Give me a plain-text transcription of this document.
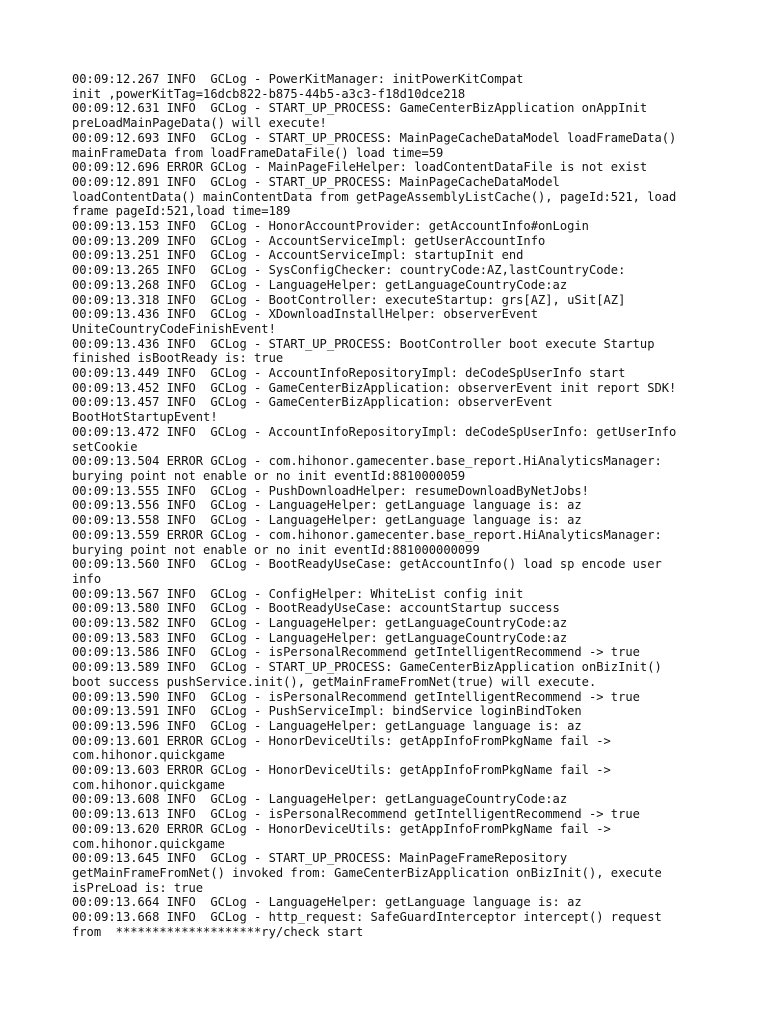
00:09:12.267 INFO  GCLog - PowerKitManager: initPowerKitCompat
init ,powerKitTag=16dcb822-b875-44b5-a3c3-f18d10dce218
00:09:12.631 INFO  GCLog - START_UP_PROCESS: GameCenterBizApplication onAppInit
preLoadMainPageData() will execute!
00:09:12.693 INFO  GCLog - START_UP_PROCESS: MainPageCacheDataModel loadFrameData()
mainFrameData from loadFrameDataFile() load time=59
00:09:12.696 ERROR GCLog - MainPageFileHelper: loadContentDataFile is not exist
00:09:12.891 INFO  GCLog - START_UP_PROCESS: MainPageCacheDataModel
loadContentData() mainContentData from getPageAssemblyListCache(), pageId:521, load
frame pageId:521,load time=189
00:09:13.153 INFO  GCLog - HonorAccountProvider: getAccountInfo#onLogin
00:09:13.209 INFO  GCLog - AccountServiceImpl: getUserAccountInfo
00:09:13.251 INFO  GCLog - AccountServiceImpl: startupInit end
00:09:13.265 INFO  GCLog - SysConfigChecker: countryCode:AZ,lastCountryCode:
00:09:13.268 INFO  GCLog - LanguageHelper: getLanguageCountryCode:az
00:09:13.318 INFO  GCLog - BootController: executeStartup: grs[AZ], uSit[AZ]
00:09:13.436 INFO  GCLog - XDownloadInstallHelper: observerEvent
UniteCountryCodeFinishEvent!
00:09:13.436 INFO  GCLog - START_UP_PROCESS: BootController boot execute Startup
finished isBootReady is: true
00:09:13.449 INFO  GCLog - AccountInfoRepositoryImpl: deCodeSpUserInfo start
00:09:13.452 INFO  GCLog - GameCenterBizApplication: observerEvent init report SDK!
00:09:13.457 INFO  GCLog - GameCenterBizApplication: observerEvent
BootHotStartupEvent!
00:09:13.472 INFO  GCLog - AccountInfoRepositoryImpl: deCodeSpUserInfo: getUserInfo
setCookie
00:09:13.504 ERROR GCLog - com.hihonor.gamecenter.base_report.HiAnalyticsManager:
burying point not enable or no init eventId:8810000059
00:09:13.555 INFO  GCLog - PushDownloadHelper: resumeDownloadByNetJobs!
00:09:13.556 INFO  GCLog - LanguageHelper: getLanguage language is: az
00:09:13.558 INFO  GCLog - LanguageHelper: getLanguage language is: az
00:09:13.559 ERROR GCLog - com.hihonor.gamecenter.base_report.HiAnalyticsManager:
burying point not enable or no init eventId:881000000099
00:09:13.560 INFO  GCLog - BootReadyUseCase: getAccountInfo() load sp encode user
info
00:09:13.567 INFO  GCLog - ConfigHelper: WhiteList config init
00:09:13.580 INFO  GCLog - BootReadyUseCase: accountStartup success
00:09:13.582 INFO  GCLog - LanguageHelper: getLanguageCountryCode:az
00:09:13.583 INFO  GCLog - LanguageHelper: getLanguageCountryCode:az
00:09:13.586 INFO  GCLog - isPersonalRecommend getIntelligentRecommend -> true
00:09:13.589 INFO  GCLog - START_UP_PROCESS: GameCenterBizApplication onBizInit()
boot success pushService.init(), getMainFrameFromNet(true) will execute.
00:09:13.590 INFO  GCLog - isPersonalRecommend getIntelligentRecommend -> true
00:09:13.591 INFO  GCLog - PushServiceImpl: bindService loginBindToken
00:09:13.596 INFO  GCLog - LanguageHelper: getLanguage language is: az
00:09:13.601 ERROR GCLog - HonorDeviceUtils: getAppInfoFromPkgName fail ->
com.hihonor.quickgame
00:09:13.603 ERROR GCLog - HonorDeviceUtils: getAppInfoFromPkgName fail ->
com.hihonor.quickgame
00:09:13.608 INFO  GCLog - LanguageHelper: getLanguageCountryCode:az
00:09:13.613 INFO  GCLog - isPersonalRecommend getIntelligentRecommend -> true
00:09:13.620 ERROR GCLog - HonorDeviceUtils: getAppInfoFromPkgName fail ->
com.hihonor.quickgame
00:09:13.645 INFO  GCLog - START_UP_PROCESS: MainPageFrameRepository
getMainFrameFromNet() invoked from: GameCenterBizApplication onBizInit(), execute
isPreLoad is: true
00:09:13.664 INFO  GCLog - LanguageHelper: getLanguage language is: az
00:09:13.668 INFO  GCLog - http_request: SafeGuardInterceptor intercept() request
from  ********************ry/check start
